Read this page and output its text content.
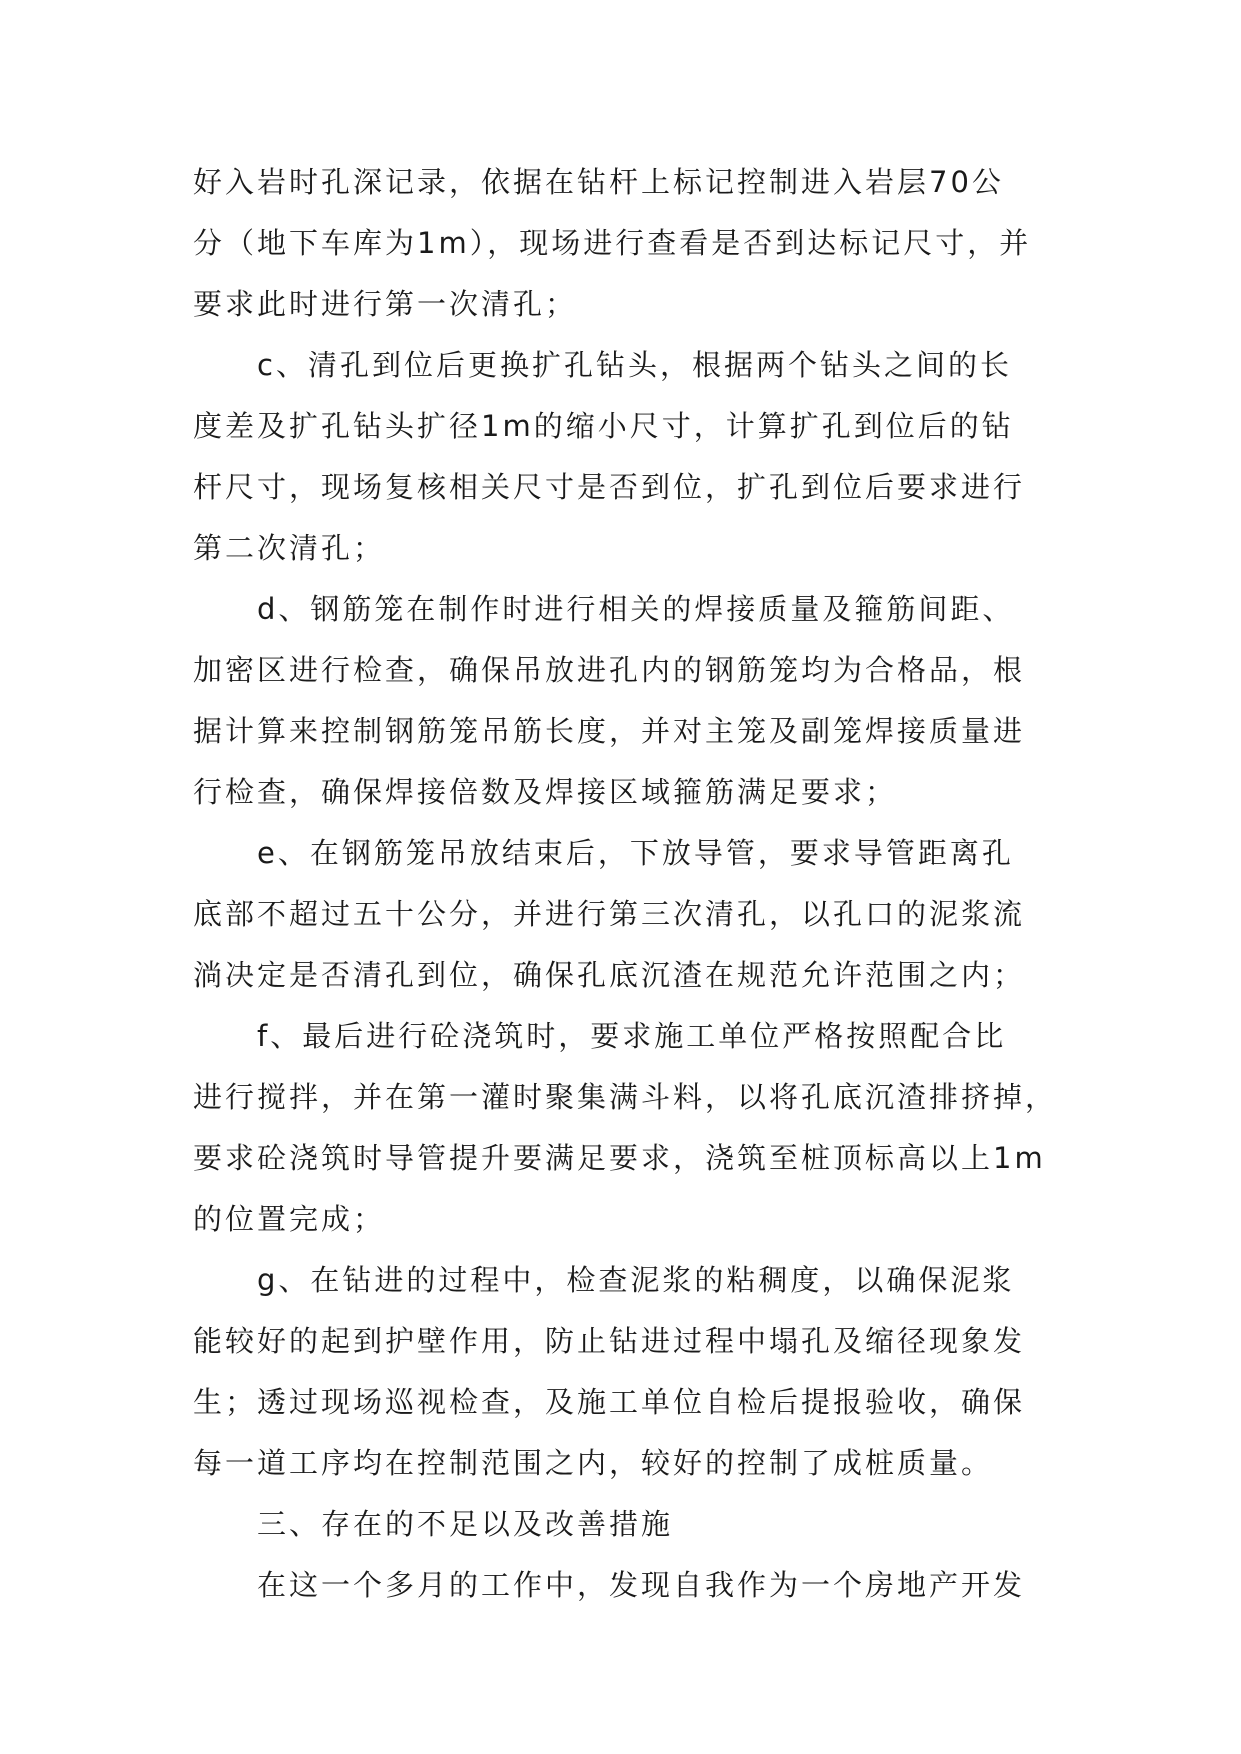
好入岩时孔深记录，依据在钻杆上标记控制进入岩层70公
分（地下车库为1m），现场进行查看是否到达标记尺寸，并
要求此时进行第一次清孔；
c、清孔到位后更换扩孔钻头，根据两个钻头之间的长
度差及扩孔钻头扩径1m的缩小尺寸，计算扩孔到位后的钻
杆尺寸，现场复核相关尺寸是否到位，扩孔到位后要求进行
第二次清孔；
d、钢筋笼在制作时进行相关的焊接质量及箍筋间距、
加密区进行检查，确保吊放进孔内的钢筋笼均为合格品，根
据计算来控制钢筋笼吊筋长度，并对主笼及副笼焊接质量进
行检查，确保焊接倍数及焊接区域箍筋满足要求；
e、在钢筋笼吊放结束后，下放导管，要求导管距离孔
底部不超过五十公分，并进行第三次清孔，以孔口的泥浆流
淌决定是否清孔到位，确保孔底沉渣在规范允许范围之内；
f、最后进行砼浇筑时，要求施工单位严格按照配合比
进行搅拌，并在第一灌时聚集满斗料，以将孔底沉渣排挤掉，
要求砼浇筑时导管提升要满足要求，浇筑至桩顶标高以上1m
的位置完成；
g、在钻进的过程中，检查泥浆的粘稠度，以确保泥浆
能较好的起到护壁作用，防止钻进过程中塌孔及缩径现象发
生；透过现场巡视检查，及施工单位自检后提报验收，确保
每一道工序均在控制范围之内，较好的控制了成桩质量。
三、存在的不足以及改善措施
在这一个多月的工作中，发现自我作为一个房地产开发
